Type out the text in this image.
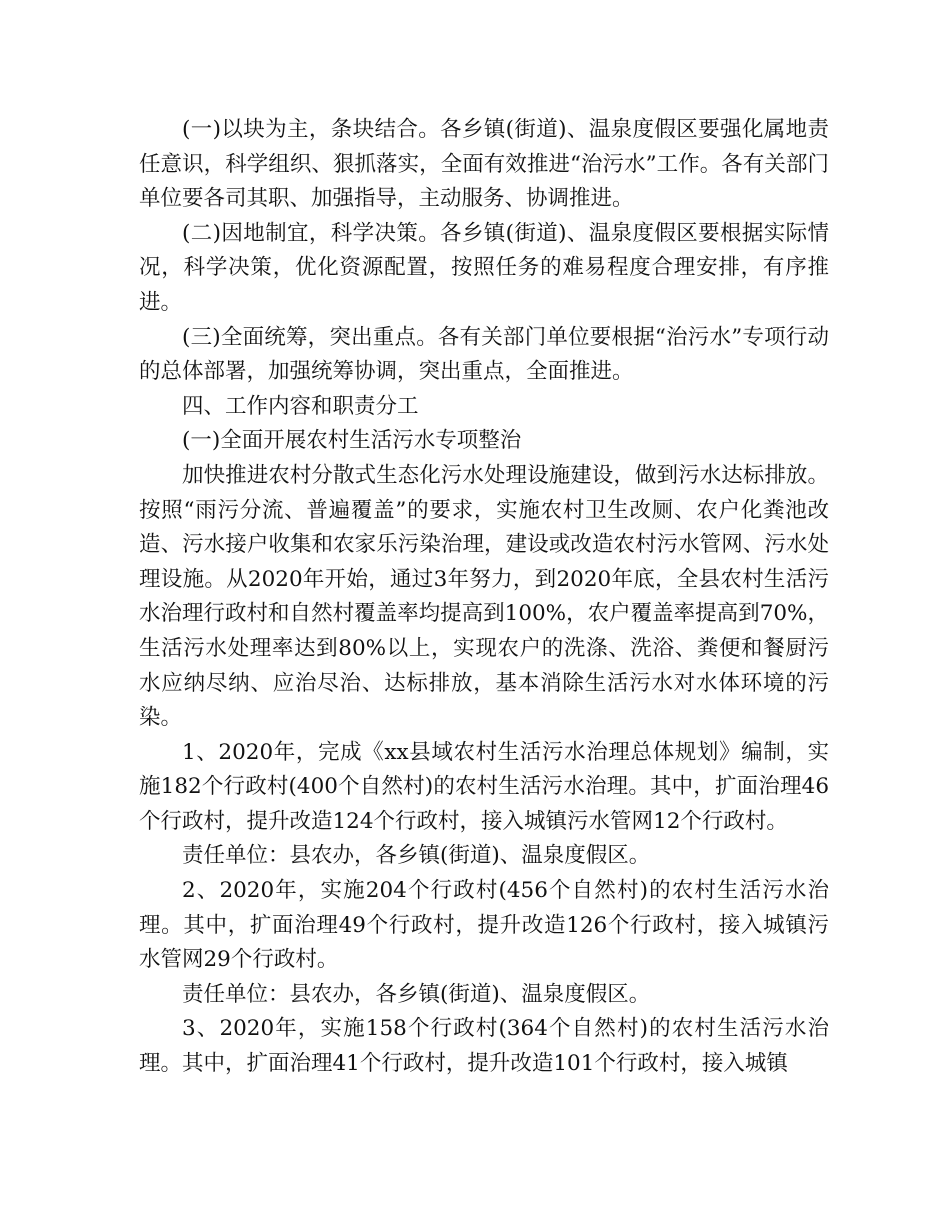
(一)以块为主，条块结合。各乡镇(街道)、温泉度假区要强化属地责任意识，科学组织、狠抓落实，全面有效推进“治污水”工作。各有关部门单位要各司其职、加强指导，主动服务、协调推进。

(二)因地制宜，科学决策。各乡镇(街道)、温泉度假区要根据实际情况，科学决策，优化资源配置，按照任务的难易程度合理安排，有序推进。

(三)全面统筹，突出重点。各有关部门单位要根据“治污水”专项行动的总体部署，加强统筹协调，突出重点，全面推进。

四、工作内容和职责分工

(一)全面开展农村生活污水专项整治

加快推进农村分散式生态化污水处理设施建设，做到污水达标排放。按照“雨污分流、普遍覆盖”的要求，实施农村卫生改厕、农户化粪池改造、污水接户收集和农家乐污染治理，建设或改造农村污水管网、污水处理设施。从2020年开始，通过3年努力，到2020年底，全县农村生活污水治理行政村和自然村覆盖率均提高到100%，农户覆盖率提高到70%，生活污水处理率达到80%以上，实现农户的洗涤、洗浴、粪便和餐厨污水应纳尽纳、应治尽治、达标排放，基本消除生活污水对水体环境的污染。

1、2020年，完成《xx县域农村生活污水治理总体规划》编制，实施182个行政村(400个自然村)的农村生活污水治理。其中，扩面治理46个行政村，提升改造124个行政村，接入城镇污水管网12个行政村。

责任单位：县农办，各乡镇(街道)、温泉度假区。

2、2020年，实施204个行政村(456个自然村)的农村生活污水治理。其中，扩面治理49个行政村，提升改造126个行政村，接入城镇污水管网29个行政村。

责任单位：县农办，各乡镇(街道)、温泉度假区。

3、2020年，实施158个行政村(364个自然村)的农村生活污水治理。其中，扩面治理41个行政村，提升改造101个行政村，接入城镇
